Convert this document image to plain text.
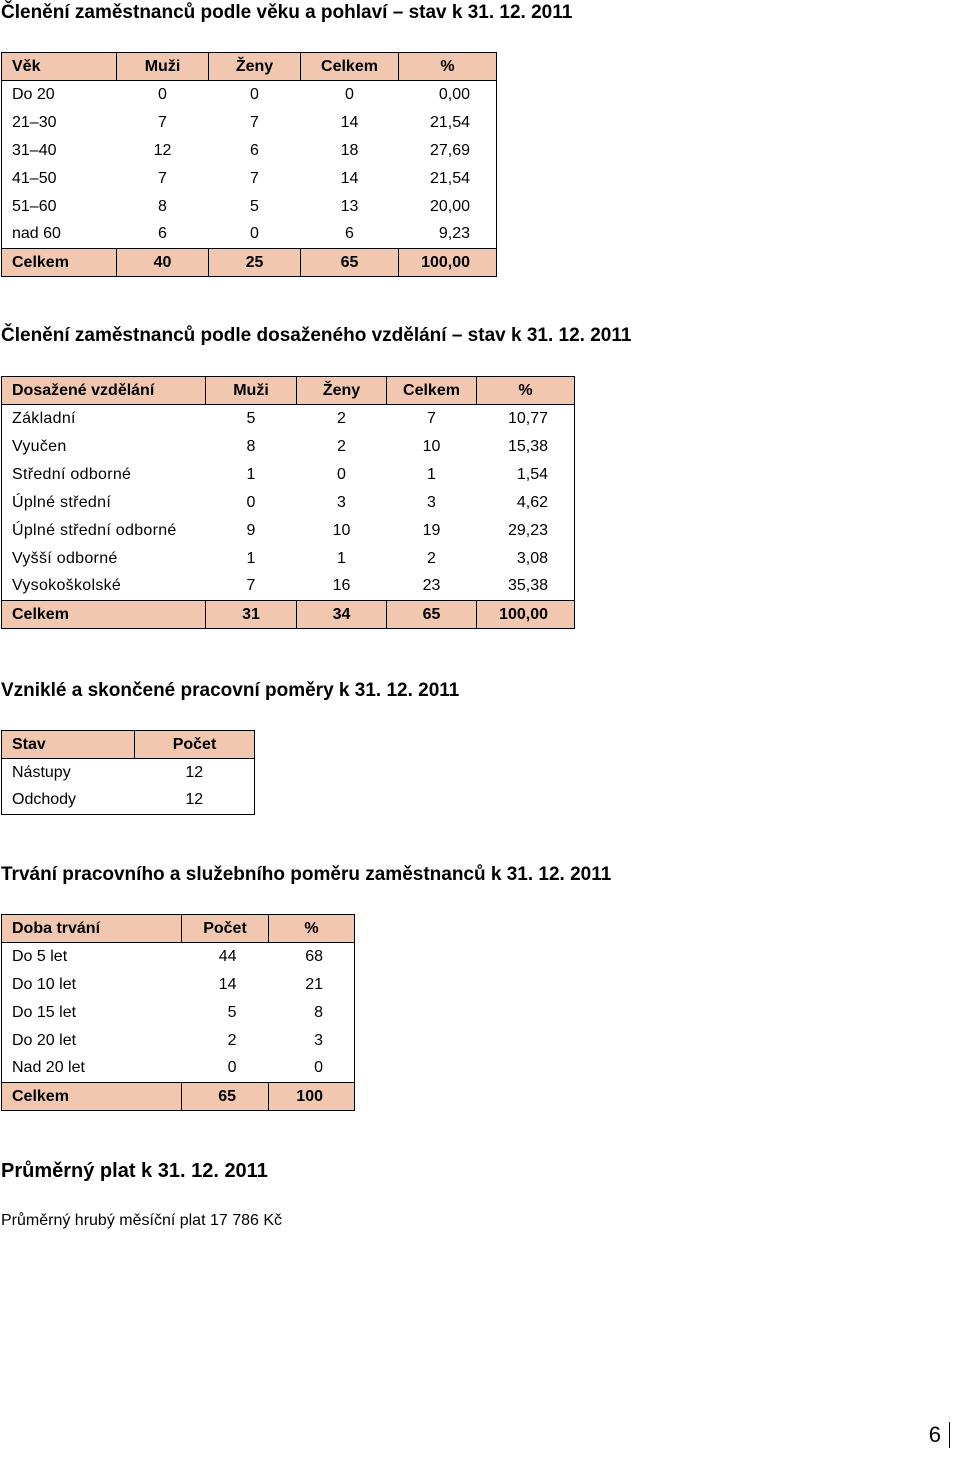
Členění zaměstnanců podle věku a pohlaví – stav k 31. 12. 2011
Věk	Muži	Ženy	Celkem	%
Do 20	0	0	0	0,00
21–30	7	7	14	21,54
31–40	12	6	18	27,69
41–50	7	7	14	21,54
51–60	8	5	13	20,00
nad 60	6	0	6	9,23
Celkem	40	25	65	100,00
Členění zaměstnanců podle dosaženého vzdělání – stav k 31. 12. 2011
Dosažené vzdělání	Muži	Ženy	Celkem	%
Základní	5	2	7	10,77
Vyučen	8	2	10	15,38
Střední odborné	1	0	1	1,54
Úplné střední	0	3	3	4,62
Úplné střední odborné	9	10	19	29,23
Vyšší odborné	1	1	2	3,08
Vysokoškolské	7	16	23	35,38
Celkem	31	34	65	100,00
Vzniklé a skončené pracovní poměry k 31. 12. 2011
Stav	Počet
Nástupy	12
Odchody	12
Trvání pracovního a služebního poměru zaměstnanců k 31. 12. 2011
Doba trvání	Počet	%
Do 5 let	44	68
Do 10 let	14	21
Do 15 let	5	8
Do 20 let	2	3
Nad 20 let	0	0
Celkem	65	100
Průměrný plat k 31. 12. 2011
Průměrný hrubý měsíční plat 17 786 Kč
6
